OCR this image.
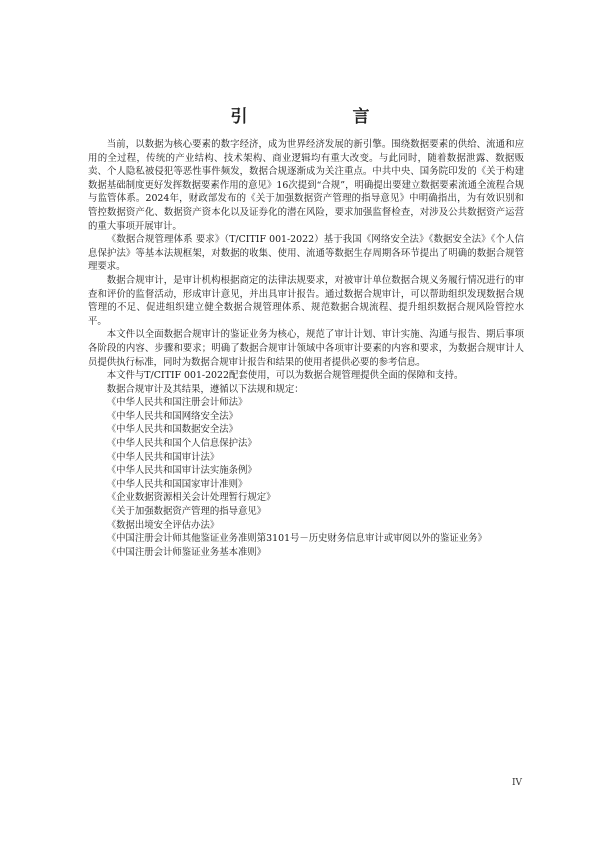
引　言

当前，以数据为核心要素的数字经济，成为世界经济发展的新引擎。围绕数据要素的供给、流通和应用的全过程，传统的产业结构、技术架构、商业逻辑均有重大改变。与此同时，随着数据泄露、数据贩卖、个人隐私被侵犯等恶性事件频发，数据合规逐渐成为关注重点。中共中央、国务院印发的《关于构建数据基础制度更好发挥数据要素作用的意见》16次提到“合规”，明确提出要建立数据要素流通全流程合规与监管体系。2024年，财政部发布的《关于加强数据资产管理的指导意见》中明确指出，为有效识别和管控数据资产化、数据资产资本化以及证券化的潜在风险，要求加强监督检查，对涉及公共数据资产运营的重大事项开展审计。

《数据合规管理体系 要求》（T/CITIF 001-2022）基于我国《网络安全法》《数据安全法》《个人信息保护法》等基本法规框架，对数据的收集、使用、流通等数据生存周期各环节提出了明确的数据合规管理要求。

数据合规审计，是审计机构根据商定的法律法规要求，对被审计单位数据合规义务履行情况进行的审查和评价的监督活动，形成审计意见，并出具审计报告。通过数据合规审计，可以帮助组织发现数据合规管理的不足、促进组织建立健全数据合规管理体系、规范数据合规流程、提升组织数据合规风险管控水平。

本文件以全面数据合规审计的鉴证业务为核心，规范了审计计划、审计实施、沟通与报告、期后事项各阶段的内容、步骤和要求；明确了数据合规审计领域中各项审计要素的内容和要求，为数据合规审计人员提供执行标准，同时为数据合规审计报告和结果的使用者提供必要的参考信息。

本文件与T/CITIF 001-2022配套使用，可以为数据合规管理提供全面的保障和支持。

数据合规审计及其结果，遵循以下法规和规定：

《中华人民共和国注册会计师法》
《中华人民共和国网络安全法》
《中华人民共和国数据安全法》
《中华人民共和国个人信息保护法》
《中华人民共和国审计法》
《中华人民共和国审计法实施条例》
《中华人民共和国国家审计准则》
《企业数据资源相关会计处理暂行规定》
《关于加强数据资产管理的指导意见》
《数据出境安全评估办法》
《中国注册会计师其他鉴证业务准则第3101号－历史财务信息审计或审阅以外的鉴证业务》
《中国注册会计师鉴证业务基本准则》
IV
